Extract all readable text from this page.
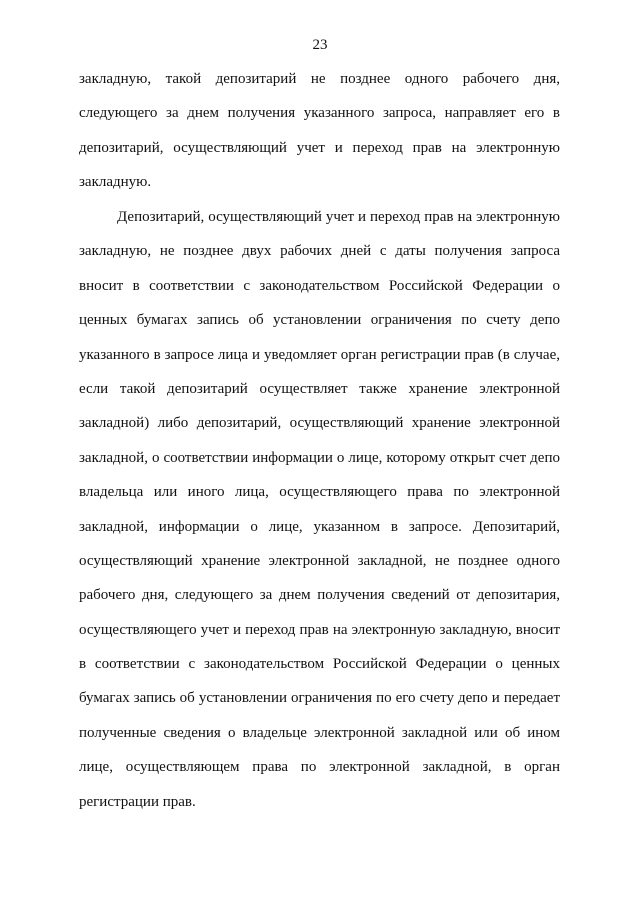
23
закладную, такой депозитарий не позднее одного рабочего дня,
следующего за днем получения указанного запроса, направляет его в
депозитарий, осуществляющий учет и переход прав на электронную
закладную.
Депозитарий, осуществляющий учет и переход прав на электронную
закладную, не позднее двух рабочих дней с даты получения запроса
вносит в соответствии с законодательством Российской Федерации о
ценных бумагах запись об установлении ограничения по счету депо
указанного в запросе лица и уведомляет орган регистрации прав (в случае,
если такой депозитарий осуществляет также хранение электронной
закладной) либо депозитарий, осуществляющий хранение электронной
закладной, о соответствии информации о лице, которому открыт счет депо
владельца или иного лица, осуществляющего права по электронной
закладной, информации о лице, указанном в запросе. Депозитарий,
осуществляющий хранение электронной закладной, не позднее одного
рабочего дня, следующего за днем получения сведений от депозитария,
осуществляющего учет и переход прав на электронную закладную, вносит
в соответствии с законодательством Российской Федерации о ценных
бумагах запись об установлении ограничения по его счету депо и передает
полученные сведения о владельце электронной закладной или об ином
лице, осуществляющем права по электронной закладной, в орган
регистрации прав.
